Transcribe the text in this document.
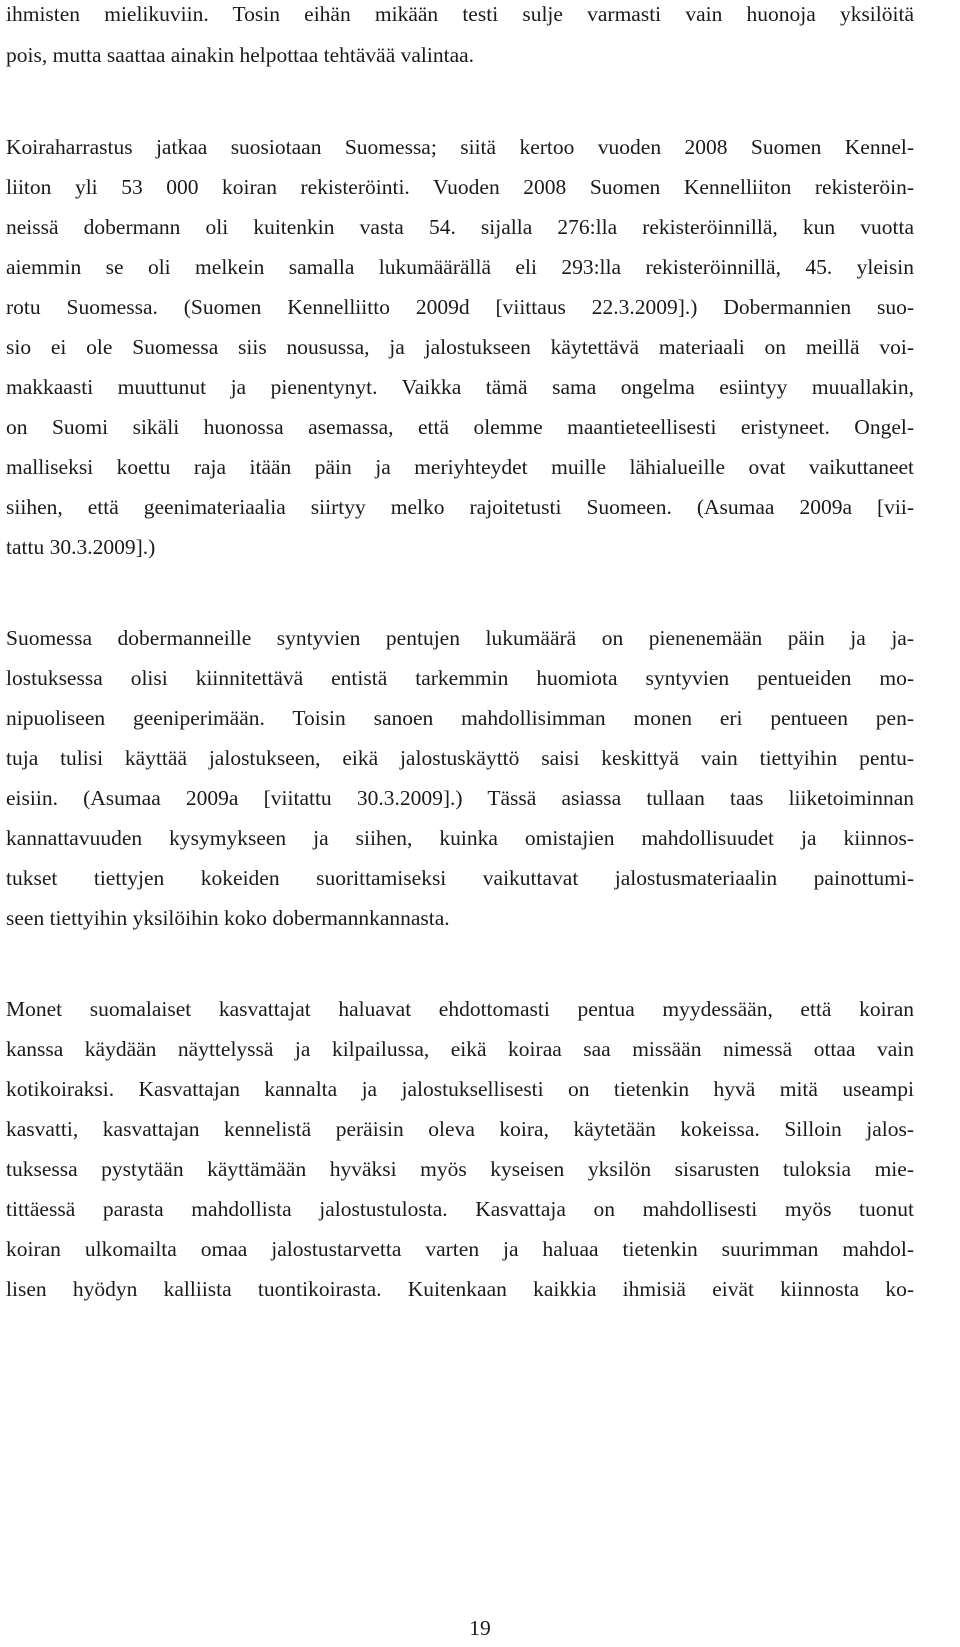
ihmisten mielikuviin. Tosin eihän mikään testi sulje varmasti vain huonoja yksilöitä
pois, mutta saattaa ainakin helpottaa tehtävää valintaa.
Koiraharrastus jatkaa suosiotaan Suomessa; siitä kertoo vuoden 2008 Suomen Kennel-
liiton yli 53 000 koiran rekisteröinti. Vuoden 2008 Suomen Kennelliiton rekisteröin-
neissä dobermann oli kuitenkin vasta 54. sijalla 276:lla rekisteröinnillä, kun vuotta
aiemmin se oli melkein samalla lukumäärällä eli 293:lla rekisteröinnillä, 45. yleisin
rotu Suomessa. (Suomen Kennelliitto 2009d [viittaus 22.3.2009].) Dobermannien suo-
sio ei ole Suomessa siis nousussa, ja jalostukseen käytettävä materiaali on meillä voi-
makkaasti muuttunut ja pienentynyt. Vaikka tämä sama ongelma esiintyy muuallakin,
on Suomi sikäli huonossa asemassa, että olemme maantieteellisesti eristyneet. Ongel-
malliseksi koettu raja itään päin ja meriyhteydet muille lähialueille ovat vaikuttaneet
siihen, että geenimateriaalia siirtyy melko rajoitetusti Suomeen. (Asumaa 2009a [vii-
tattu 30.3.2009].)
Suomessa dobermanneille syntyvien pentujen lukumäärä on pienenemään päin ja ja-
lostuksessa olisi kiinnitettävä entistä tarkemmin huomiota syntyvien pentueiden mo-
nipuoliseen geeniperimään. Toisin sanoen mahdollisimman monen eri pentueen pen-
tuja tulisi käyttää jalostukseen, eikä jalostuskäyttö saisi keskittyä vain tiettyihin pentu-
eisiin. (Asumaa 2009a [viitattu 30.3.2009].) Tässä asiassa tullaan taas liiketoiminnan
kannattavuuden kysymykseen ja siihen, kuinka omistajien mahdollisuudet ja kiinnos-
tukset tiettyjen kokeiden suorittamiseksi vaikuttavat jalostusmateriaalin painottumi-
seen tiettyihin yksilöihin koko dobermannkannasta.
Monet suomalaiset kasvattajat haluavat ehdottomasti pentua myydessään, että koiran
kanssa käydään näyttelyssä ja kilpailussa, eikä koiraa saa missään nimessä ottaa vain
kotikoiraksi. Kasvattajan kannalta ja jalostuksellisesti on tietenkin hyvä mitä useampi
kasvatti, kasvattajan kennelistä peräisin oleva koira, käytetään kokeissa. Silloin jalos-
tuksessa pystytään käyttämään hyväksi myös kyseisen yksilön sisarusten tuloksia mie-
tittäessä parasta mahdollista jalostustulosta. Kasvattaja on mahdollisesti myös tuonut
koiran ulkomailta omaa jalostustarvetta varten ja haluaa tietenkin suurimman mahdol-
lisen hyödyn kalliista tuontikoirasta. Kuitenkaan kaikkia ihmisiä eivät kiinnosta ko-
19
